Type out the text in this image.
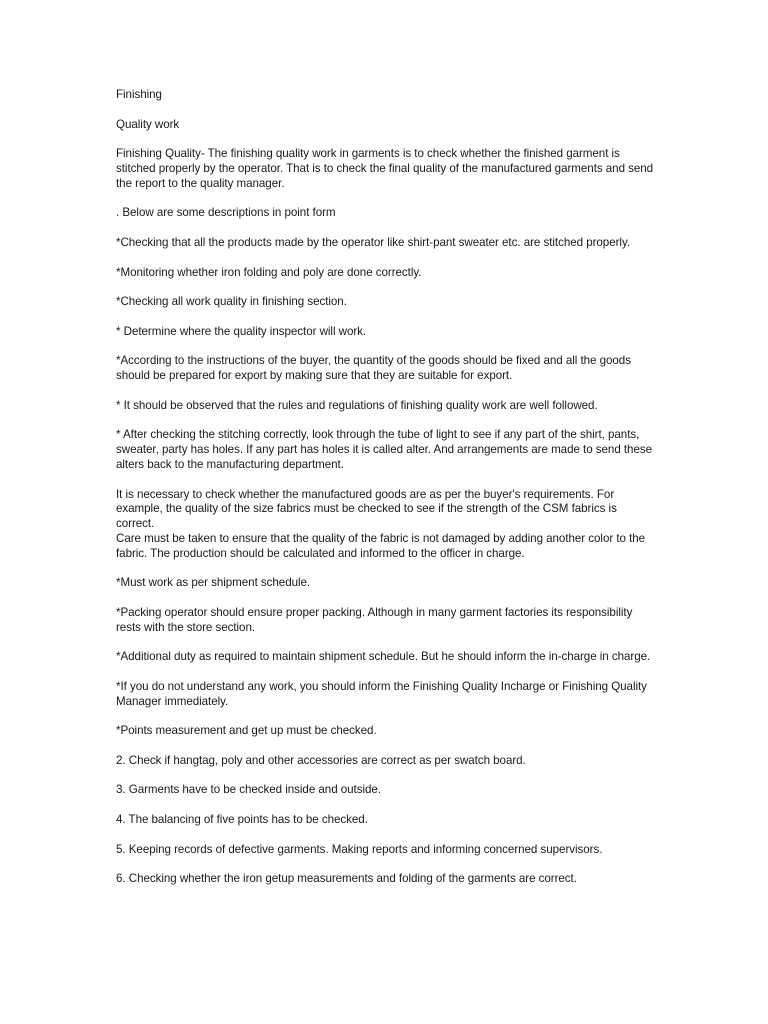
Finishing

Quality work

Finishing Quality- The finishing quality work in garments is to check whether the finished garment is stitched properly by the operator. That is to check the final quality of the manufactured garments and send the report to the quality manager.

. Below are some descriptions in point form

*Checking that all the products made by the operator like shirt-pant sweater etc. are stitched properly.

*Monitoring whether iron folding and poly are done correctly.

*Checking all work quality in finishing section.

* Determine where the quality inspector will work.

*According to the instructions of the buyer, the quantity of the goods should be fixed and all the goods should be prepared for export by making sure that they are suitable for export.

* It should be observed that the rules and regulations of finishing quality work are well followed.

* After checking the stitching correctly, look through the tube of light to see if any part of the shirt, pants, sweater, party has holes. If any part has holes it is called alter. And arrangements are made to send these alters back to the manufacturing department.

It is necessary to check whether the manufactured goods are as per the buyer's requirements. For example, the quality of the size fabrics must be checked to see if the strength of the CSM fabrics is correct.
Care must be taken to ensure that the quality of the fabric is not damaged by adding another color to the fabric. The production should be calculated and informed to the officer in charge.

*Must work as per shipment schedule.

*Packing operator should ensure proper packing. Although in many garment factories its responsibility rests with the store section.

*Additional duty as required to maintain shipment schedule. But he should inform the in-charge in charge.

*If you do not understand any work, you should inform the Finishing Quality Incharge or Finishing Quality Manager immediately.

*Points measurement and get up must be checked.

2. Check if hangtag, poly and other accessories are correct as per swatch board.

3. Garments have to be checked inside and outside.

4. The balancing of five points has to be checked.

5. Keeping records of defective garments. Making reports and informing concerned supervisors.

6. Checking whether the iron getup measurements and folding of the garments are correct.
